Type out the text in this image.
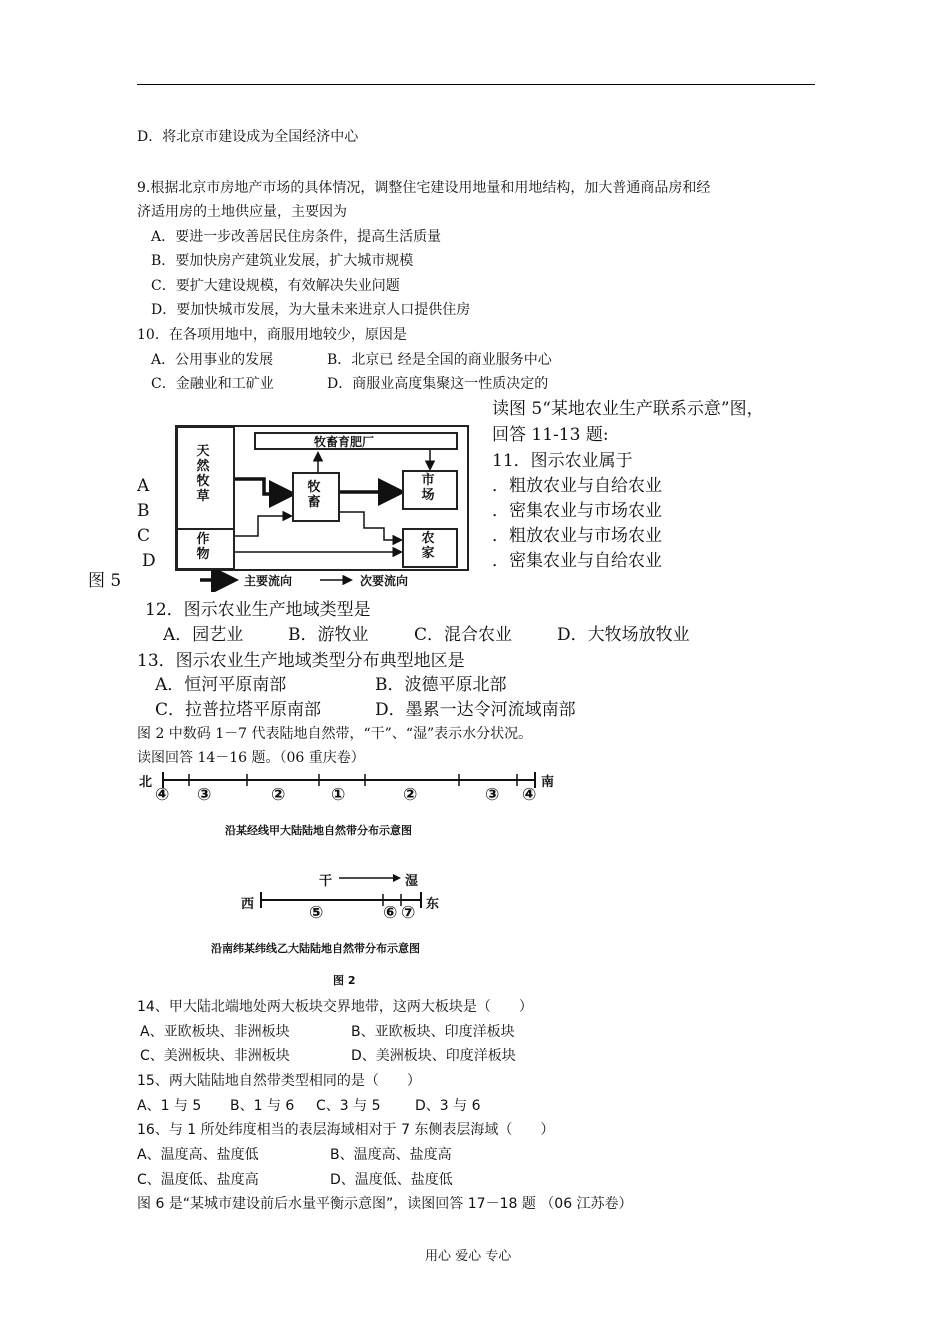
D．将北京市建设成为全国经济中心
9.根据北京市房地产市场的具体情况，调整住宅建设用地量和用地结构，加大普通商品房和经
济适用房的土地供应量，主要因为
A．要进一步改善居民住房条件，提高生活质量
B．要加快房产建筑业发展，扩大城市规模
C．要扩大建设规模，有效解决失业问题
D．要加快城市发展，为大量未来进京人口提供住房
10．在各项用地中，商服用地较少，原因是
A．公用事业的发展	B．北京已 经是全国的商业服务中心
C．金融业和工矿业	D．商服业高度集聚这一性质决定的
读图 5“某地农业生产联系示意”图，
回答 11-13 题:
天然牧草
作物
牧畜育肥厂
牧畜
市场
农家
主要流向	次要流向
11．图示农业属于
A
B
C
D
．粗放农业与自给农业
．密集农业与市场农业
．粗放农业与市场农业
．密集农业与自给农业
图 5
12．图示农业生产地域类型是
A．园艺业	B．游牧业	C．混合农业	D．大牧场放牧业
13．图示农业生产地域类型分布典型地区是
A．恒河平原南部	B．波德平原北部
C．拉普拉塔平原南部	D．墨累一达令河流域南部
图 2 中数码 1－7 代表陆地自然带，“干”、“湿”表示水分状况。
读图回答 14－16 题。（06 重庆卷）
北	南
④ ③	②	①	②	③ ④
沿某经线甲大陆陆地自然带分布示意图
干	湿
西	东
⑤	⑥ ⑦
沿南纬某纬线乙大陆陆地自然带分布示意图
图 2
14、甲大陆北端地处两大板块交界地带，这两大板块是（　　）
A、亚欧板块、非洲板块	B、亚欧板块、印度洋板块
C、美洲板块、非洲板块	D、美洲板块、印度洋板块
15、两大陆陆地自然带类型相同的是（　　）
A、1 与 5 B、1 与 6 C、3 与 5 D、3 与 6
16、与 1 所处纬度相当的表层海域相对于 7 东侧表层海域（　　）
A、温度高、盐度低	B、温度高、盐度高
C、温度低、盐度高	D、温度低、盐度低
图 6 是“某城市建设前后水量平衡示意图”，读图回答 17－18 题 （06 江苏卷）
用心 爱心 专心
